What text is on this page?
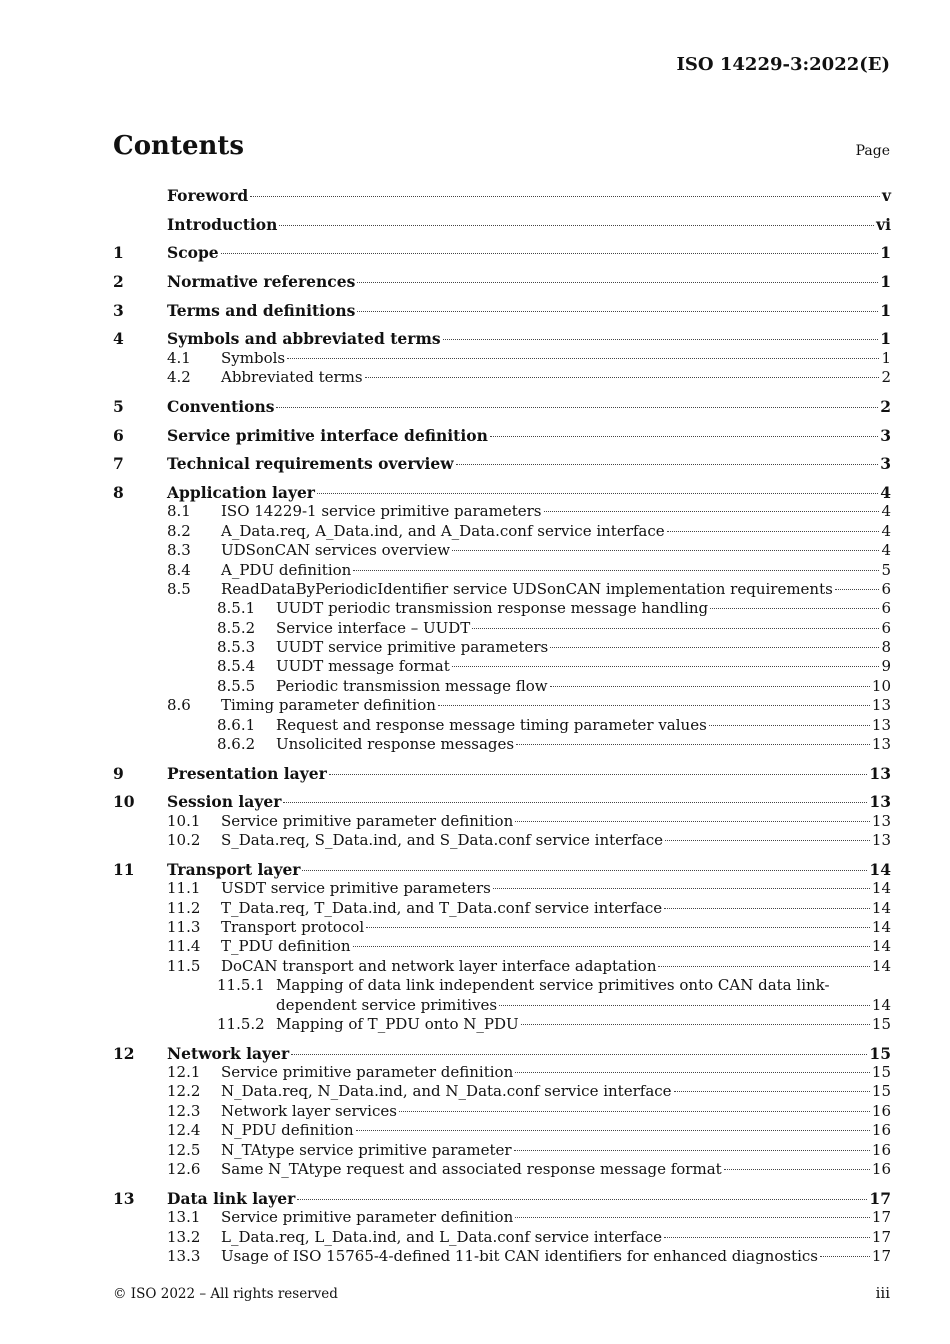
ISO 14229-3:2022(E)
Contents	Page
Foreword	v
Introduction	vi
1	Scope	1
2	Normative references	1
3	Terms and definitions	1
4	Symbols and abbreviated terms	1
4.1	Symbols	1
4.2	Abbreviated terms	2
5	Conventions	2
6	Service primitive interface definition	3
7	Technical requirements overview	3
8	Application layer	4
8.1	ISO 14229-1 service primitive parameters	4
8.2	A_Data.req, A_Data.ind, and A_Data.conf service interface	4
8.3	UDSonCAN services overview	4
8.4	A_PDU definition	5
8.5	ReadDataByPeriodicIdentifier service UDSonCAN implementation requirements	6
8.5.1	UUDT periodic transmission response message handling	6
8.5.2	Service interface – UUDT	6
8.5.3	UUDT service primitive parameters	8
8.5.4	UUDT message format	9
8.5.5	Periodic transmission message flow	10
8.6	Timing parameter definition	13
8.6.1	Request and response message timing parameter values	13
8.6.2	Unsolicited response messages	13
9	Presentation layer	13
10	Session layer	13
10.1	Service primitive parameter definition	13
10.2	S_Data.req, S_Data.ind, and S_Data.conf service interface	13
11	Transport layer	14
11.1	USDT service primitive parameters	14
11.2	T_Data.req, T_Data.ind, and T_Data.conf service interface	14
11.3	Transport protocol	14
11.4	T_PDU definition	14
11.5	DoCAN transport and network layer interface adaptation	14
11.5.1 Mapping of data link independent service primitives onto CAN data link-
dependent service primitives	14
11.5.2 Mapping of T_PDU onto N_PDU	15
12	Network layer	15
12.1	Service primitive parameter definition	15
12.2	N_Data.req, N_Data.ind, and N_Data.conf service interface	15
12.3	Network layer services	16
12.4	N_PDU definition	16
12.5	N_TAtype service primitive parameter	16
12.6	Same N_TAtype request and associated response message format	16
13	Data link layer	17
13.1	Service primitive parameter definition	17
13.2	L_Data.req, L_Data.ind, and L_Data.conf service interface	17
13.3	Usage of ISO 15765-4-defined 11-bit CAN identifiers for enhanced diagnostics	17
© ISO 2022 – All rights reserved	iii
